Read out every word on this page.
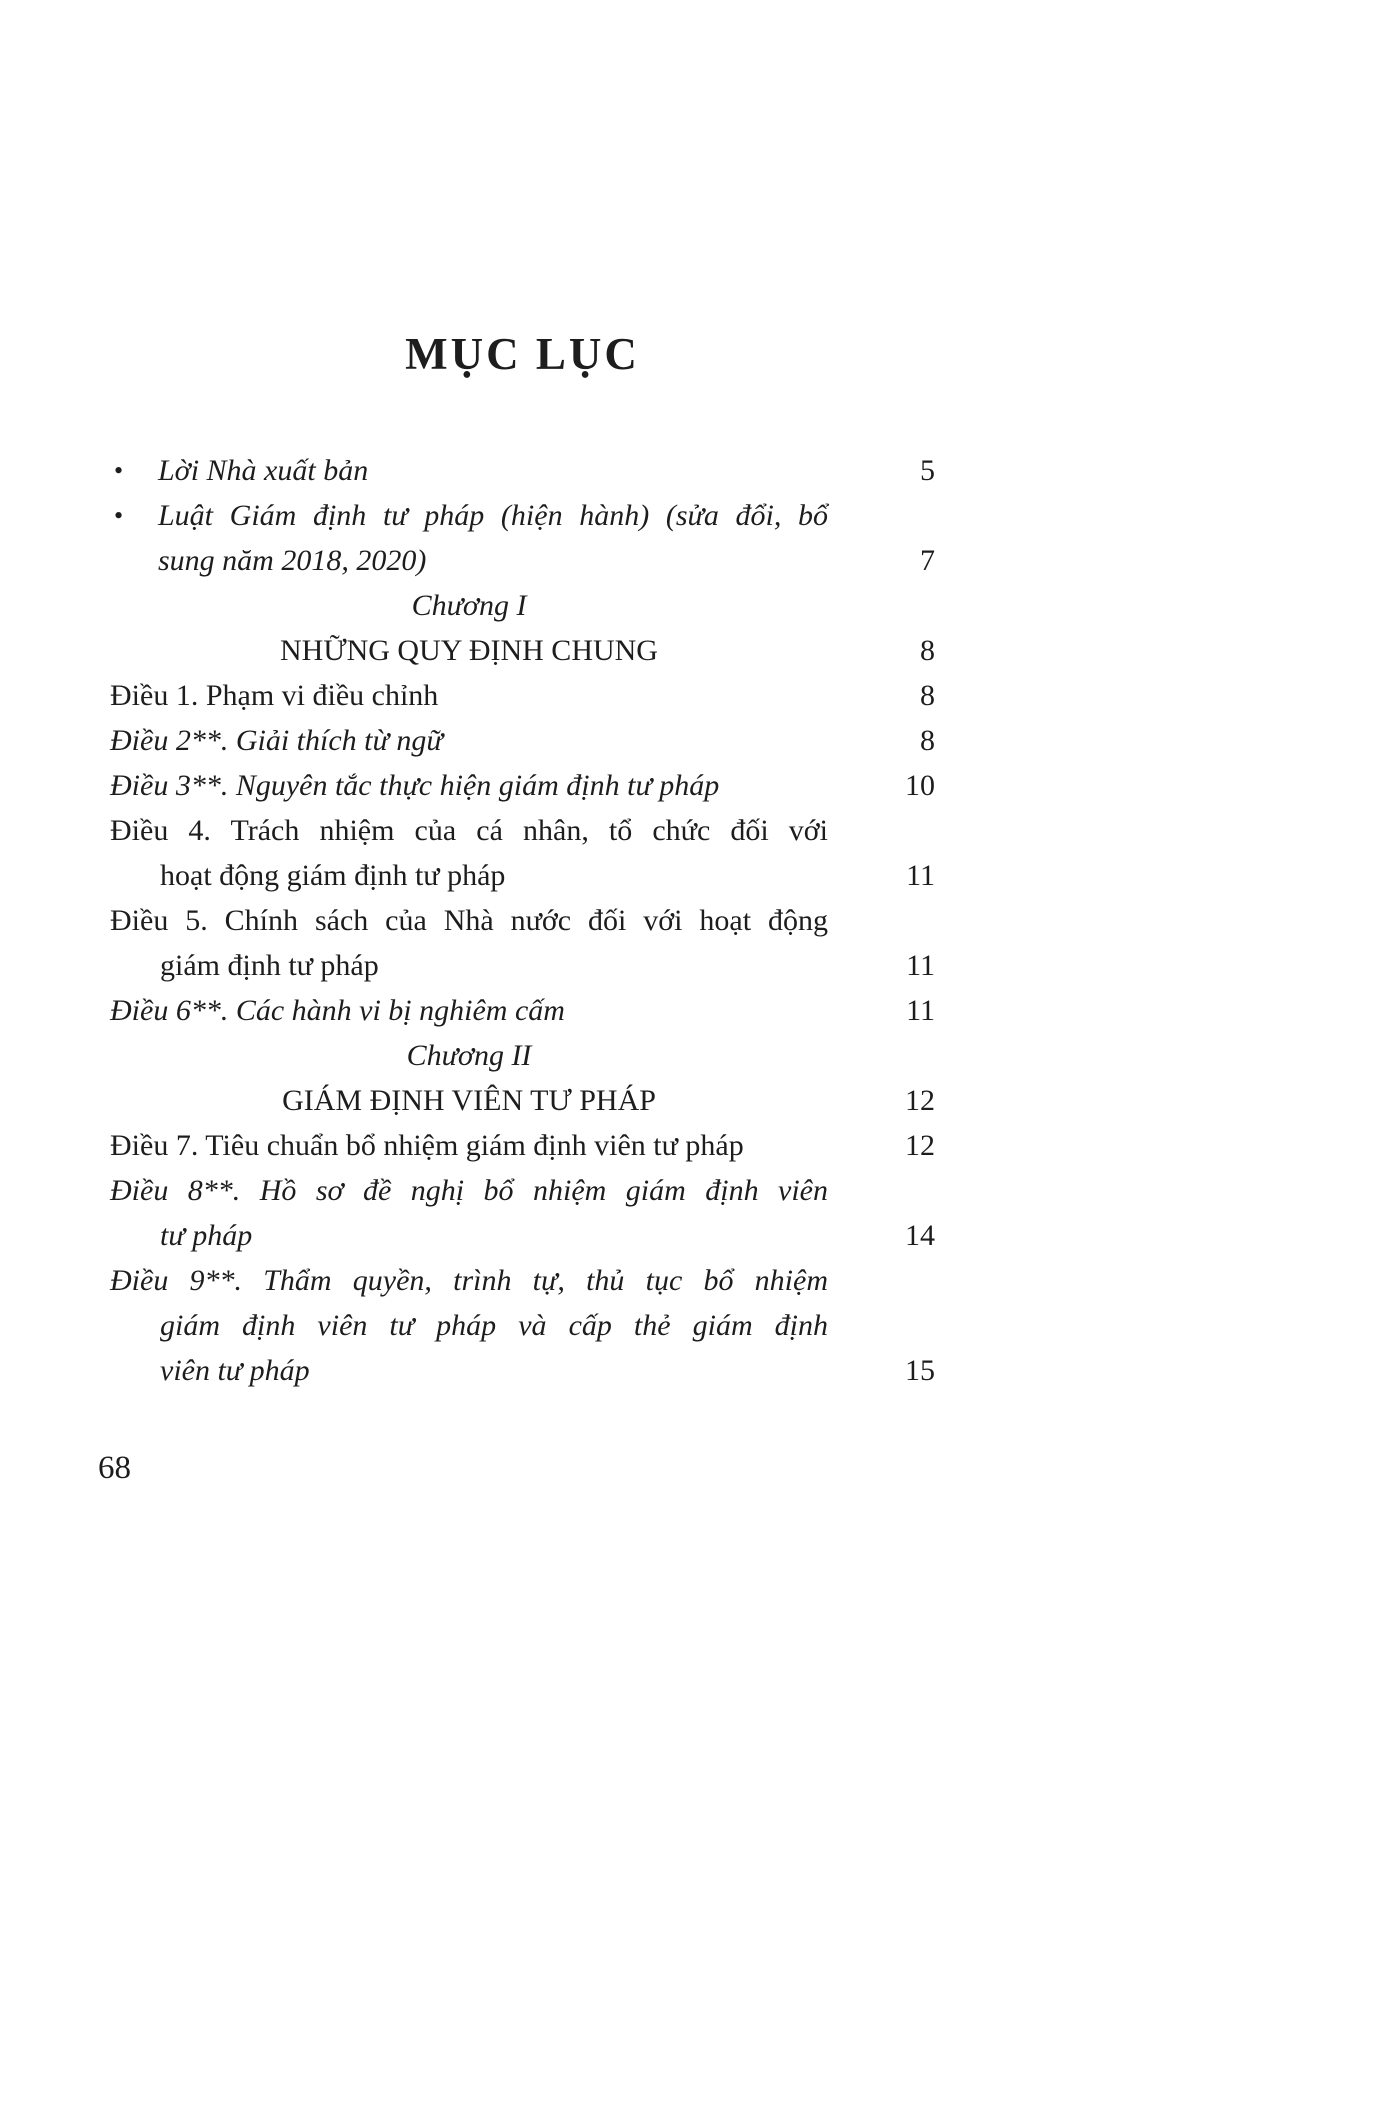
MỤC LỤC
•	Lời Nhà xuất bản	5
•	Luật Giám định tư pháp (hiện hành) (sửa đổi, bổ
sung năm 2018, 2020)	7
Chương I
NHỮNG QUY ĐỊNH CHUNG	8
Điều 1. Phạm vi điều chỉnh	8
Điều 2**. Giải thích từ ngữ	8
Điều 3**. Nguyên tắc thực hiện giám định tư pháp	10
Điều 4. Trách nhiệm của cá nhân, tổ chức đối với
hoạt động giám định tư pháp	11
Điều 5. Chính sách của Nhà nước đối với hoạt động
giám định tư pháp	11
Điều 6**. Các hành vi bị nghiêm cấm	11
Chương II
GIÁM ĐỊNH VIÊN TƯ PHÁP	12
Điều 7. Tiêu chuẩn bổ nhiệm giám định viên tư pháp	12
Điều 8**. Hồ sơ đề nghị bổ nhiệm giám định viên
tư pháp	14
Điều 9**. Thẩm quyền, trình tự, thủ tục bổ nhiệm
giám định viên tư pháp và cấp thẻ giám định
viên tư pháp	15
68
